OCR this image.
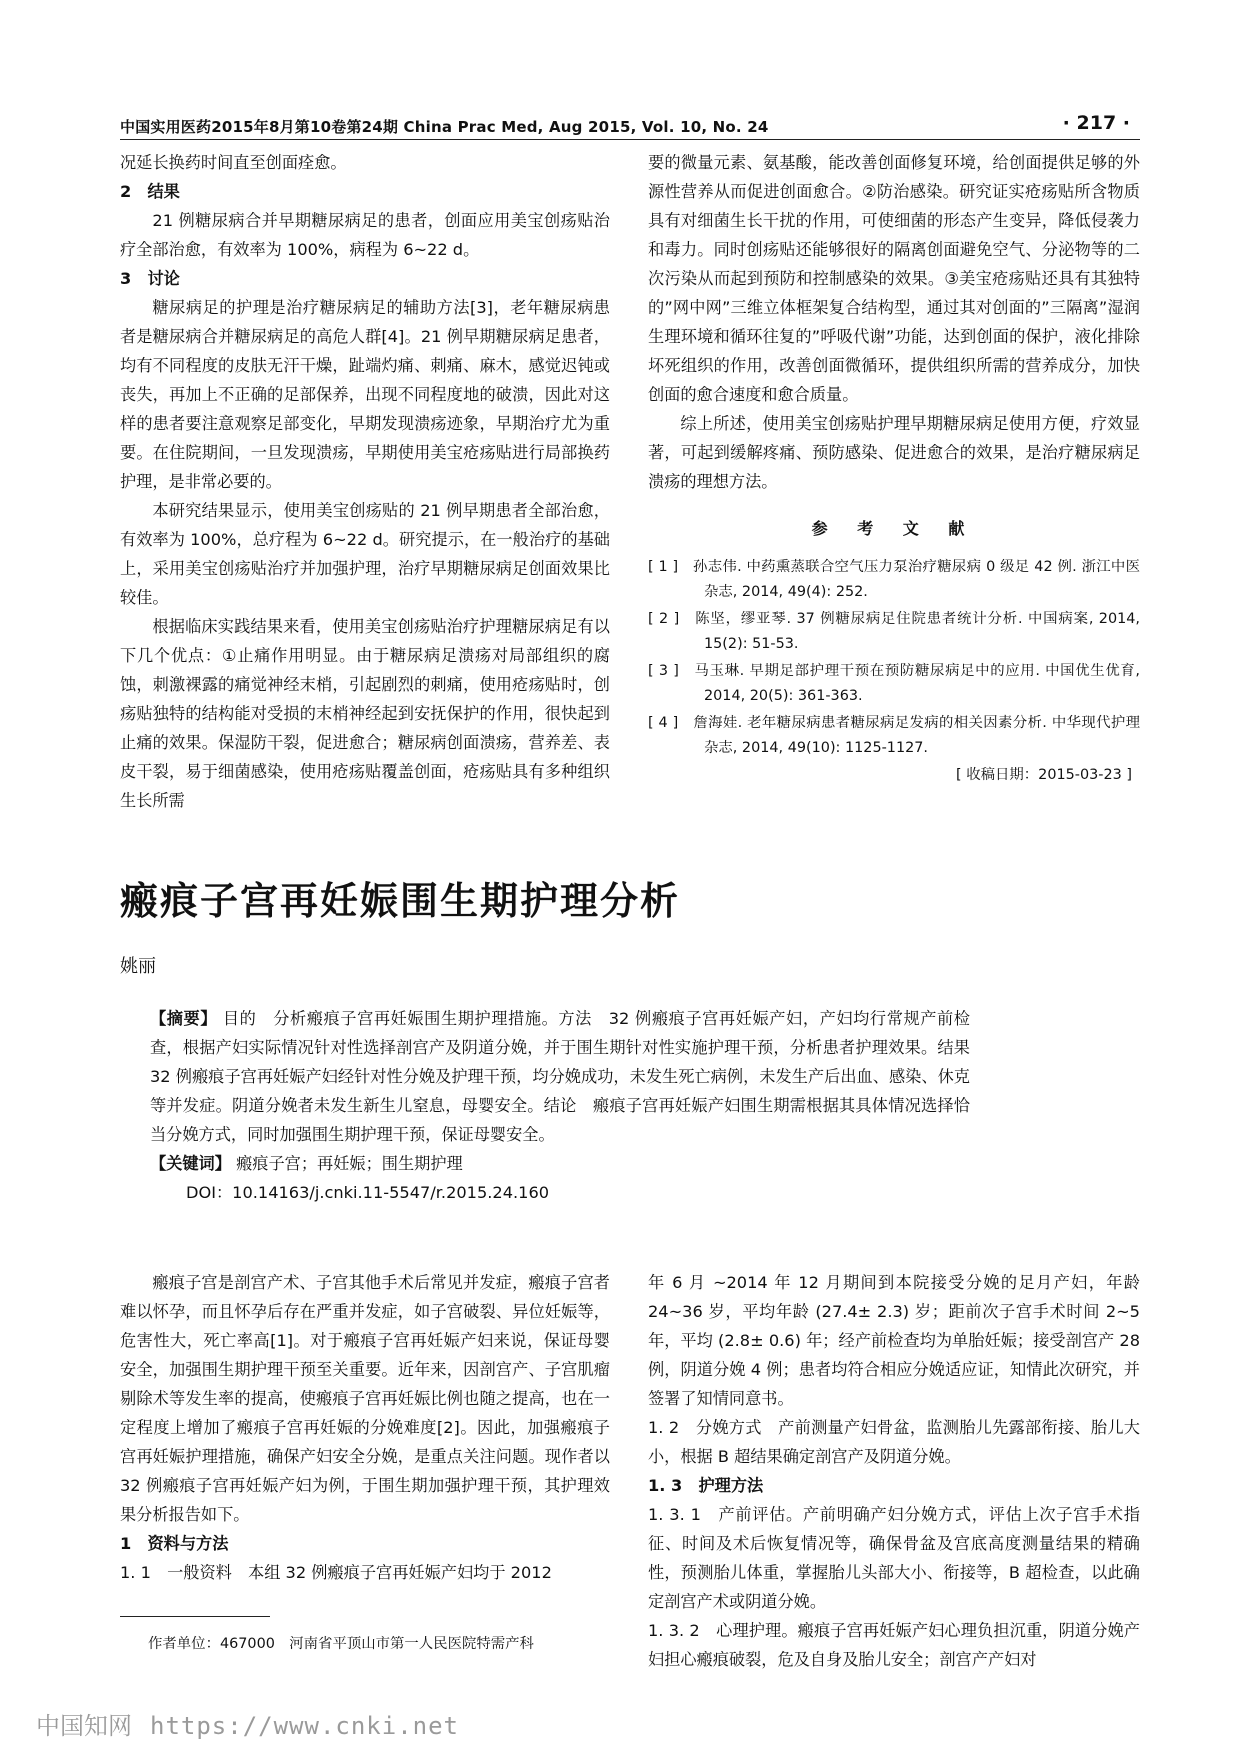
中国实用医药2015年8月第10卷第24期 China Prac Med, Aug 2015, Vol. 10, No. 24	· 217 ·

况延长换药时间直至创面痊愈。

2　结果

21 例糖尿病合并早期糖尿病足的患者，创面应用美宝创疡贴治疗全部治愈，有效率为 100%，病程为 6~22 d。

3　讨论

糖尿病足的护理是治疗糖尿病足的辅助方法[3]，老年糖尿病患者是糖尿病合并糖尿病足的高危人群[4]。21 例早期糖尿病足患者，均有不同程度的皮肤无汗干燥，趾端灼痛、刺痛、麻木，感觉迟钝或丧失，再加上不正确的足部保养，出现不同程度地的破溃，因此对这样的患者要注意观察足部变化，早期发现溃疡迹象，早期治疗尤为重要。在住院期间，一旦发现溃疡，早期使用美宝疮疡贴进行局部换药护理，是非常必要的。

本研究结果显示，使用美宝创疡贴的 21 例早期患者全部治愈，有效率为 100%，总疗程为 6~22 d。研究提示，在一般治疗的基础上，采用美宝创疡贴治疗并加强护理，治疗早期糖尿病足创面效果比较佳。

根据临床实践结果来看，使用美宝创疡贴治疗护理糖尿病足有以下几个优点：①止痛作用明显。由于糖尿病足溃疡对局部组织的腐蚀，刺激裸露的痛觉神经末梢，引起剧烈的刺痛，使用疮疡贴时，创疡贴独特的结构能对受损的末梢神经起到安抚保护的作用，很快起到止痛的效果。保湿防干裂，促进愈合；糖尿病创面溃疡，营养差、表皮干裂，易于细菌感染，使用疮疡贴覆盖创面，疮疡贴具有多种组织生长所需

要的微量元素、氨基酸，能改善创面修复环境，给创面提供足够的外源性营养从而促进创面愈合。②防治感染。研究证实疮疡贴所含物质具有对细菌生长干扰的作用，可使细菌的形态产生变异，降低侵袭力和毒力。同时创疡贴还能够很好的隔离创面避免空气、分泌物等的二次污染从而起到预防和控制感染的效果。③美宝疮疡贴还具有其独特的”网中网”三维立体框架复合结构型，通过其对创面的”三隔离”湿润生理环境和循环往复的”呼吸代谢”功能，达到创面的保护，液化排除坏死组织的作用，改善创面微循环，提供组织所需的营养成分，加快创面的愈合速度和愈合质量。

综上所述，使用美宝创疡贴护理早期糖尿病足使用方便，疗效显著，可起到缓解疼痛、预防感染、促进愈合的效果，是治疗糖尿病足溃疡的理想方法。

参 考 文 献

[ 1 ]　孙志伟. 中药熏蒸联合空气压力泵治疗糖尿病 0 级足 42 例. 浙江中医杂志, 2014, 49(4): 252.

[ 2 ]　陈坚，缪亚琴. 37 例糖尿病足住院患者统计分析. 中国病案, 2014, 15(2): 51-53.

[ 3 ]　马玉琳. 早期足部护理干预在预防糖尿病足中的应用. 中国优生优育, 2014, 20(5): 361-363.

[ 4 ]　詹海娃. 老年糖尿病患者糖尿病足发病的相关因素分析. 中华现代护理杂志, 2014, 49(10): 1125-1127.

[ 收稿日期：2015-03-23 ]

瘢痕子宫再妊娠围生期护理分析
姚丽

【摘要】 目的　分析瘢痕子宫再妊娠围生期护理措施。方法　32 例瘢痕子宫再妊娠产妇，产妇均行常规产前检查，根据产妇实际情况针对性选择剖宫产及阴道分娩，并于围生期针对性实施护理干预，分析患者护理效果。结果　32 例瘢痕子宫再妊娠产妇经针对性分娩及护理干预，均分娩成功，未发生死亡病例，未发生产后出血、感染、休克等并发症。阴道分娩者未发生新生儿窒息，母婴安全。结论　瘢痕子宫再妊娠产妇围生期需根据其具体情况选择恰当分娩方式，同时加强围生期护理干预，保证母婴安全。

【关键词】 瘢痕子宫；再妊娠；围生期护理

DOI：10.14163/j.cnki.11-5547/r.2015.24.160

瘢痕子宫是剖宫产术、子宫其他手术后常见并发症，瘢痕子宫者难以怀孕，而且怀孕后存在严重并发症，如子宫破裂、异位妊娠等，危害性大，死亡率高[1]。对于瘢痕子宫再妊娠产妇来说，保证母婴安全，加强围生期护理干预至关重要。近年来，因剖宫产、子宫肌瘤剔除术等发生率的提高，使瘢痕子宫再妊娠比例也随之提高，也在一定程度上增加了瘢痕子宫再妊娠的分娩难度[2]。因此，加强瘢痕子宫再妊娠护理措施，确保产妇安全分娩，是重点关注问题。现作者以 32 例瘢痕子宫再妊娠产妇为例，于围生期加强护理干预，其护理效果分析报告如下。

1　资料与方法

1. 1　一般资料　本组 32 例瘢痕子宫再妊娠产妇均于 2012

年 6 月 ~2014 年 12 月期间到本院接受分娩的足月产妇，年龄 24~36 岁，平均年龄 (27.4± 2.3) 岁；距前次子宫手术时间 2~5 年，平均 (2.8± 0.6) 年；经产前检查均为单胎妊娠；接受剖宫产 28 例，阴道分娩 4 例；患者均符合相应分娩适应证，知情此次研究，并签署了知情同意书。

1. 2　分娩方式　产前测量产妇骨盆，监测胎儿先露部衔接、胎儿大小，根据 B 超结果确定剖宫产及阴道分娩。

1. 3　护理方法

1. 3. 1　产前评估。产前明确产妇分娩方式，评估上次子宫手术指征、时间及术后恢复情况等，确保骨盆及宫底高度测量结果的精确性，预测胎儿体重，掌握胎儿头部大小、衔接等，B 超检查，以此确定剖宫产术或阴道分娩。

1. 3. 2　心理护理。瘢痕子宫再妊娠产妇心理负担沉重，阴道分娩产妇担心瘢痕破裂，危及自身及胎儿安全；剖宫产产妇对

作者单位：467000　河南省平顶山市第一人民医院特需产科
中国知网 https://www.cnki.net
